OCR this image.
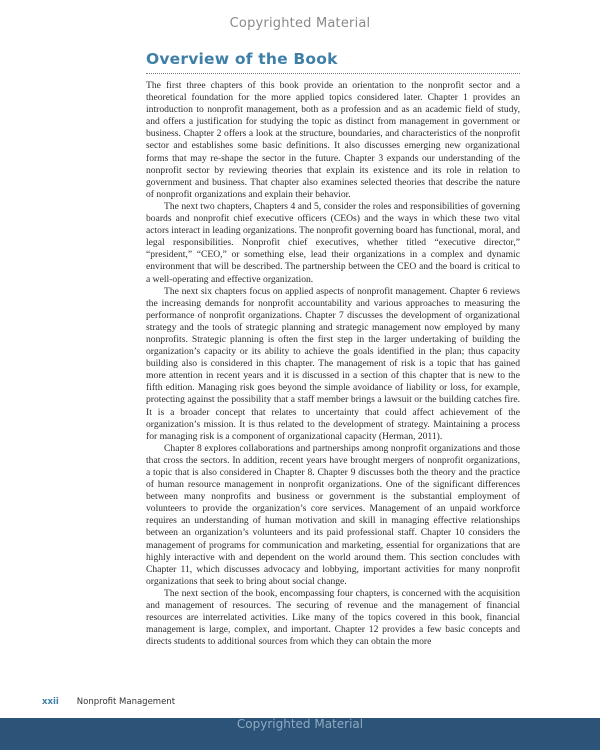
Copyrighted Material
Overview of the Book

The first three chapters of this book provide an orientation to the nonprofit sector and a theoretical foundation for the more applied topics considered later. Chapter 1 provides an introduction to nonprofit management, both as a profession and as an academic field of study, and offers a justification for studying the topic as distinct from management in government or business. Chapter 2 offers a look at the structure, boundaries, and characteristics of the nonprofit sector and establishes some basic definitions. It also discusses emerging new organizational forms that may re-shape the sector in the future. Chapter 3 expands our understanding of the nonprofit sector by reviewing theories that explain its existence and its role in relation to government and business. That chapter also examines selected theories that describe the nature of nonprofit organizations and explain their behavior.

The next two chapters, Chapters 4 and 5, consider the roles and responsibilities of governing boards and nonprofit chief executive officers (CEOs) and the ways in which these two vital actors interact in leading organizations. The nonprofit governing board has functional, moral, and legal responsibilities. Nonprofit chief executives, whether titled “executive director,” “president,” “CEO,” or something else, lead their organizations in a complex and dynamic environment that will be described. The partnership between the CEO and the board is critical to a well-operating and effective organization.

The next six chapters focus on applied aspects of nonprofit management. Chapter 6 reviews the increasing demands for nonprofit accountability and various approaches to measuring the performance of nonprofit organizations. Chapter 7 discusses the development of organizational strategy and the tools of strategic planning and strategic management now employed by many nonprofits. Strategic planning is often the first step in the larger undertaking of building the organization’s capacity or its ability to achieve the goals identified in the plan; thus capacity building also is considered in this chapter. The management of risk is a topic that has gained more attention in recent years and it is discussed in a section of this chapter that is new to the fifth edition. Managing risk goes beyond the simple avoidance of liability or loss, for example, protecting against the possibility that a staff member brings a lawsuit or the building catches fire. It is a broader concept that relates to uncertainty that could affect achievement of the organization’s mission. It is thus related to the development of strategy. Maintaining a process for managing risk is a component of organizational capacity (Herman, 2011).

Chapter 8 explores collaborations and partnerships among nonprofit organizations and those that cross the sectors. In addition, recent years have brought mergers of nonprofit organizations, a topic that is also considered in Chapter 8. Chapter 9 discusses both the theory and the practice of human resource management in nonprofit organizations. One of the significant differences between many nonprofits and business or government is the substantial employment of volunteers to provide the organization’s core services. Management of an unpaid workforce requires an understanding of human motivation and skill in managing effective relationships between an organization’s volunteers and its paid professional staff. Chapter 10 considers the management of programs for communication and marketing, essential for organizations that are highly interactive with and dependent on the world around them. This section concludes with Chapter 11, which discusses advocacy and lobbying, important activities for many nonprofit organizations that seek to bring about social change.

The next section of the book, encompassing four chapters, is concerned with the acquisition and management of resources. The securing of revenue and the management of financial resources are interrelated activities. Like many of the topics covered in this book, financial management is large, complex, and important. Chapter 12 provides a few basic concepts and directs students to additional sources from which they can obtain the more

xxii Nonprofit Management
Copyrighted Material
